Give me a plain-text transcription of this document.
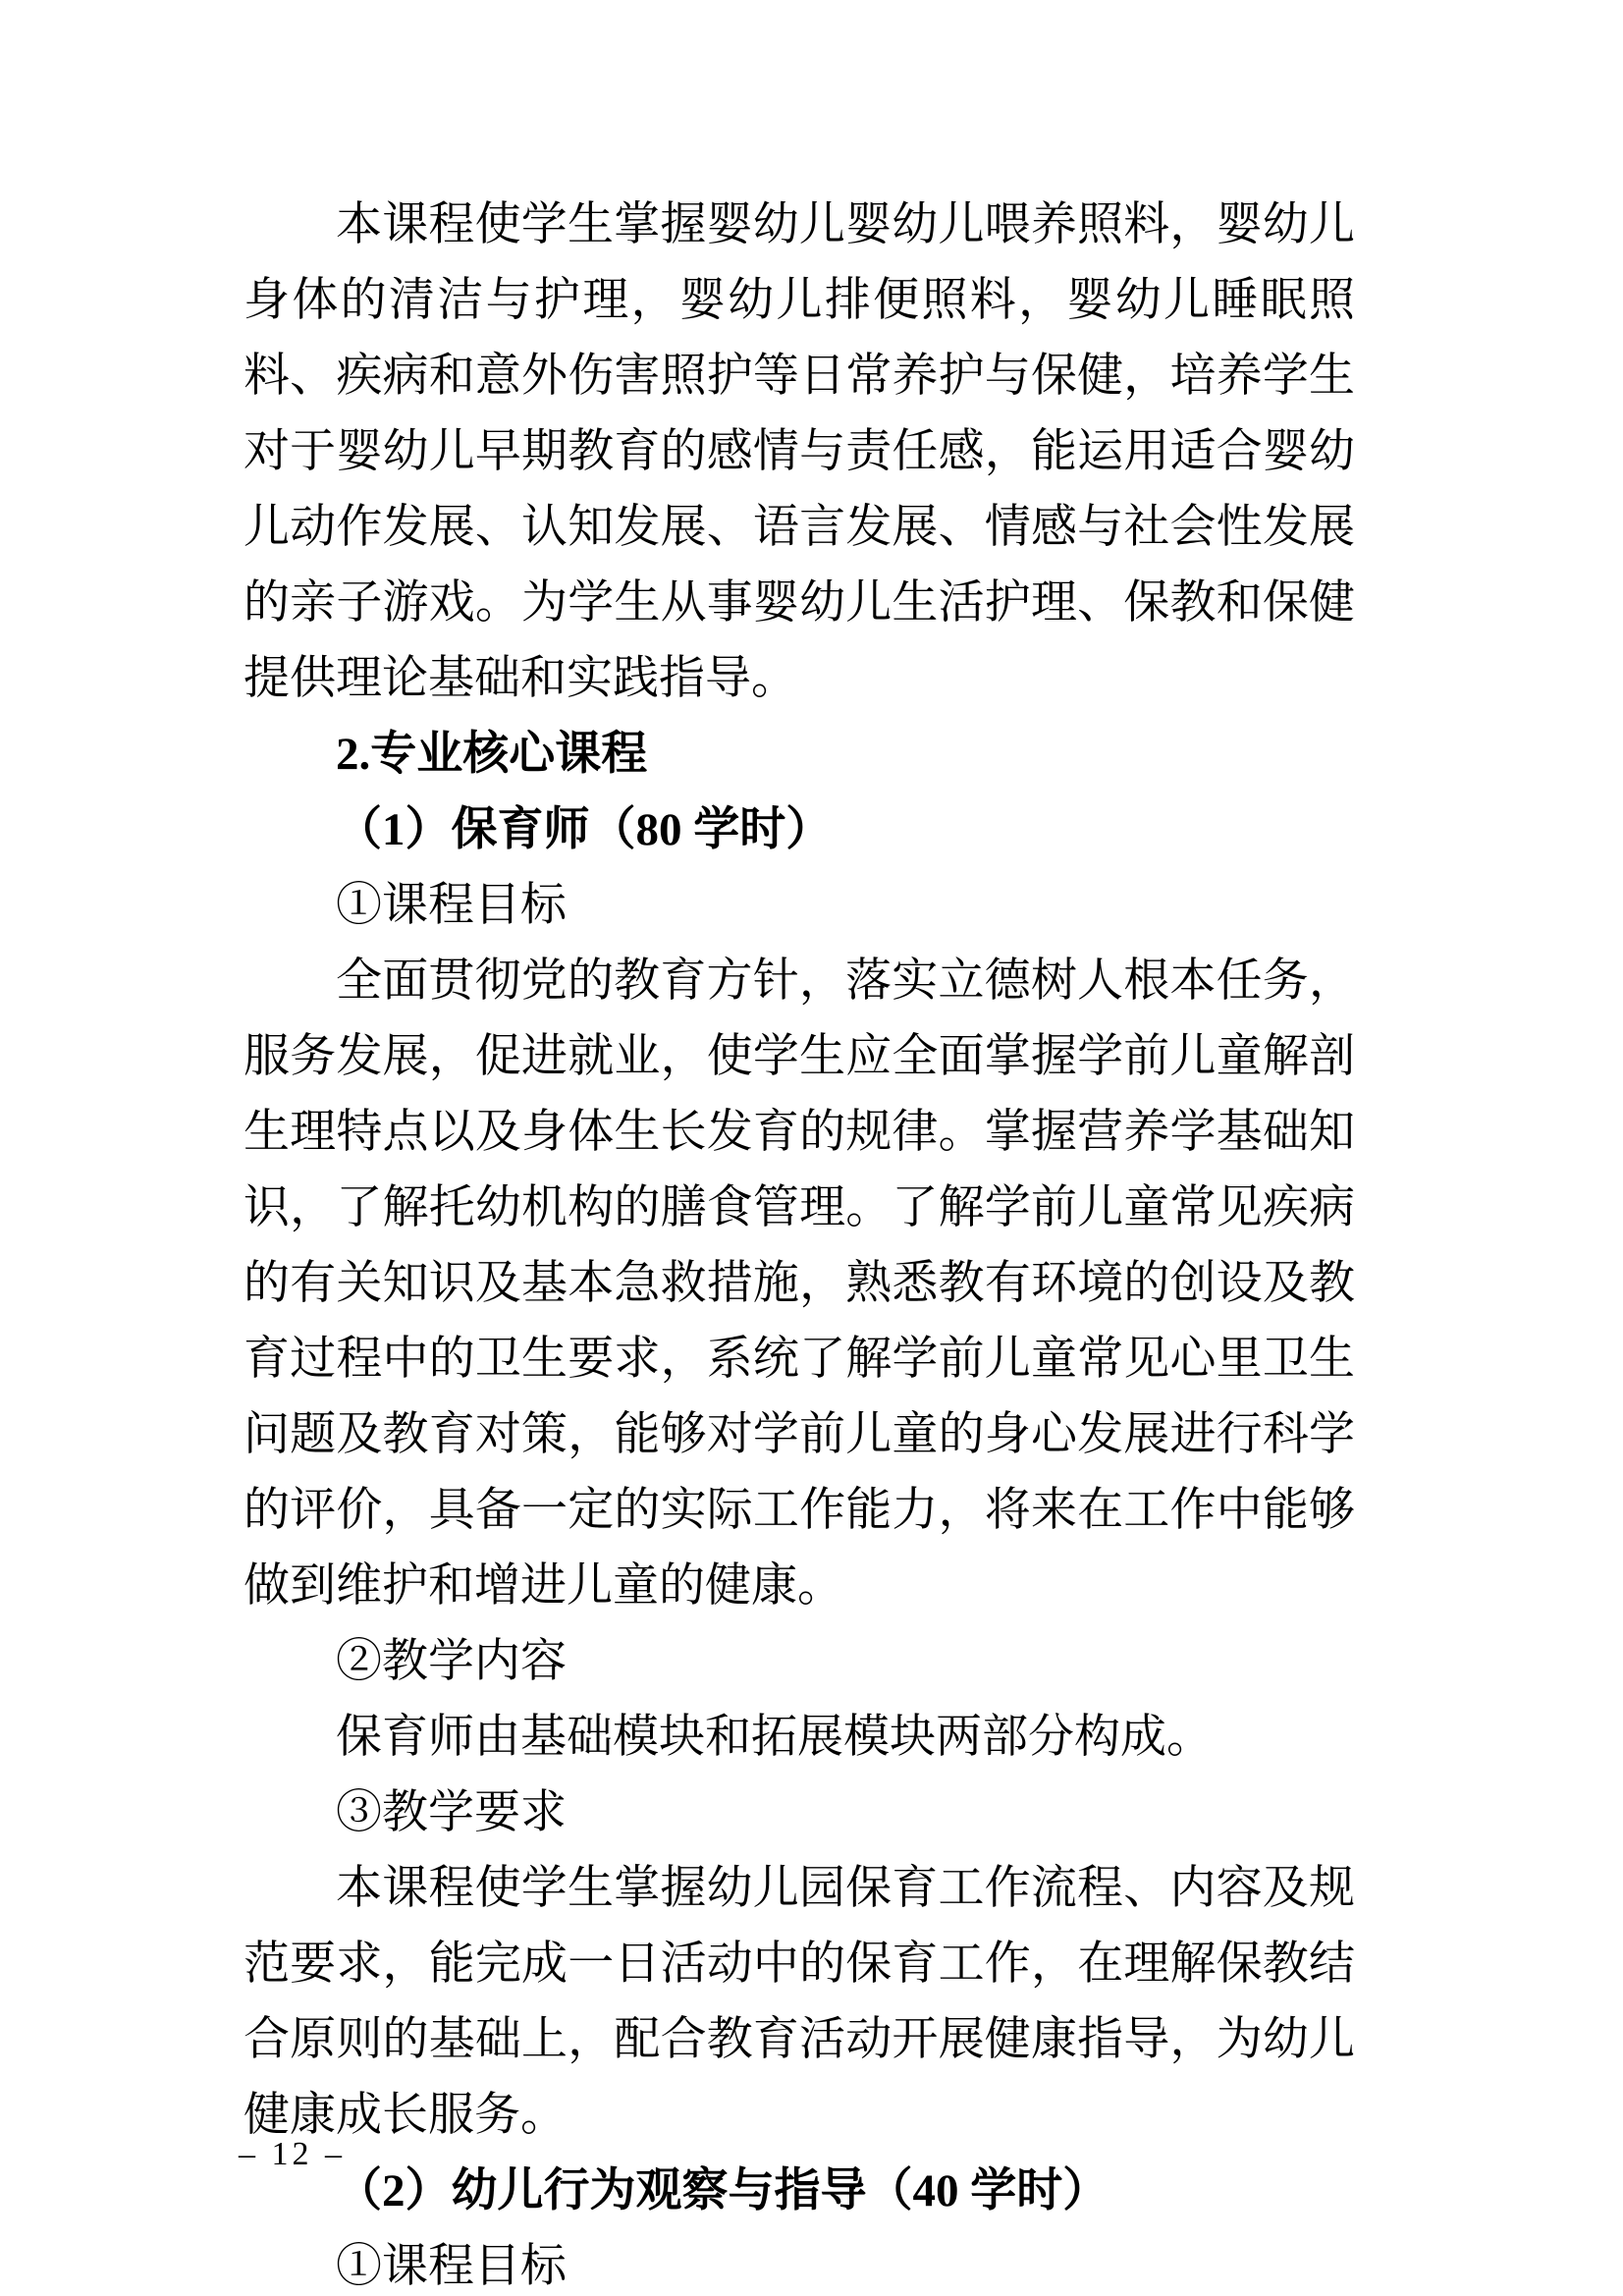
本课程使学生掌握婴幼儿婴幼儿喂养照料，婴幼儿身体的清洁与护理，婴幼儿排便照料，婴幼儿睡眠照料、疾病和意外伤害照护等日常养护与保健，培养学生对于婴幼儿早期教育的感情与责任感，能运用适合婴幼儿动作发展、认知发展、语言发展、情感与社会性发展的亲子游戏。为学生从事婴幼儿生活护理、保教和保健提供理论基础和实践指导。

2.专业核心课程

（1）保育师（80 学时）

①课程目标

全面贯彻党的教育方针，落实立德树人根本任务，服务发展，促进就业，使学生应全面掌握学前儿童解剖生理特点以及身体生长发育的规律。掌握营养学基础知识，了解托幼机构的膳食管理。了解学前儿童常见疾病的有关知识及基本急救措施，熟悉教有环境的创设及教育过程中的卫生要求，系统了解学前儿童常见心里卫生问题及教育对策，能够对学前儿童的身心发展进行科学的评价，具备一定的实际工作能力，将来在工作中能够做到维护和增进儿童的健康。

②教学内容

保育师由基础模块和拓展模块两部分构成。

③教学要求

本课程使学生掌握幼儿园保育工作流程、内容及规范要求，能完成一日活动中的保育工作，在理解保教结合原则的基础上，配合教育活动开展健康指导，为幼儿健康成长服务。

（2）幼儿行为观察与指导（40 学时）

①课程目标

– 12 –
